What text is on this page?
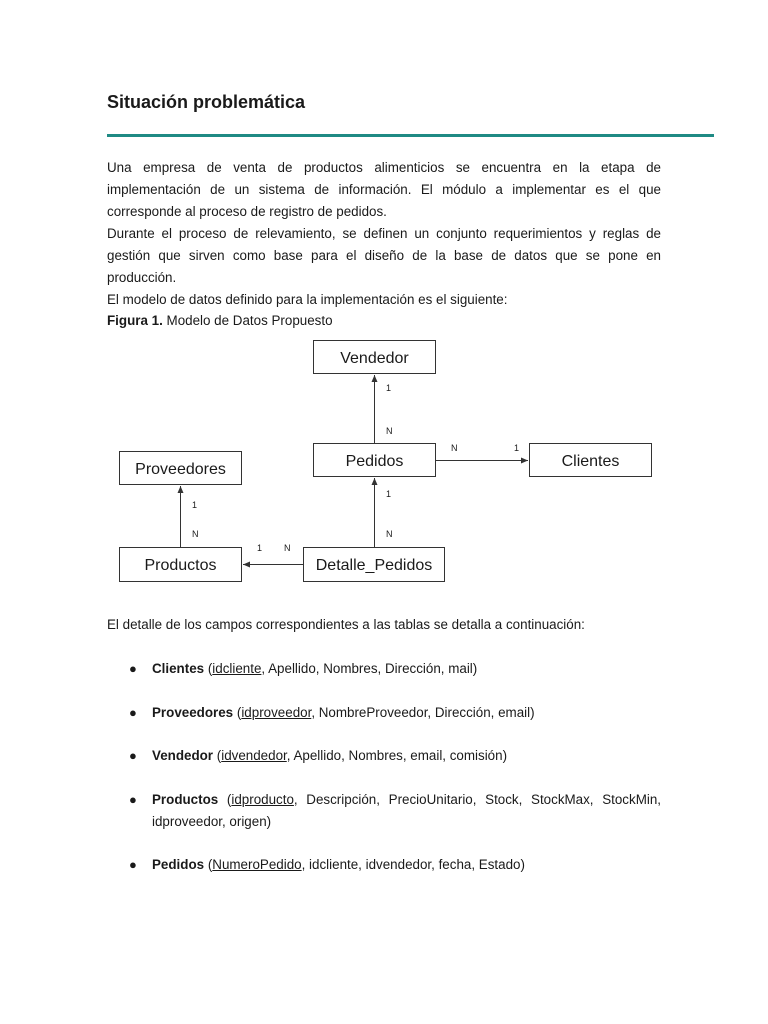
Situación problemática

Una empresa de venta de productos alimenticios se encuentra en la etapa de implementación de un sistema de información. El módulo a implementar es el que corresponde al proceso de registro de pedidos.

Durante el proceso de relevamiento, se definen un conjunto requerimientos y reglas de gestión que sirven como base para el diseño de la base de datos que se pone en producción.

El modelo de datos definido para la implementación es el siguiente:

Figura 1. Modelo de Datos Propuesto

Vendedor
Pedidos	Clientes
Proveedores
Productos	Detalle_Pedidos
1
N
N	1
1
N
1
N
1 N

El detalle de los campos correspondientes a las tablas se detalla a continuación:

● Clientes (idcliente, Apellido, Nombres, Dirección, mail)
● Proveedores (idproveedor, NombreProveedor, Dirección, email)
● Vendedor (idvendedor, Apellido, Nombres, email, comisión)
● Productos (idproducto, Descripción, PrecioUnitario, Stock, StockMax, StockMin, idproveedor, origen)
● Pedidos (NumeroPedido, idcliente, idvendedor, fecha, Estado)
